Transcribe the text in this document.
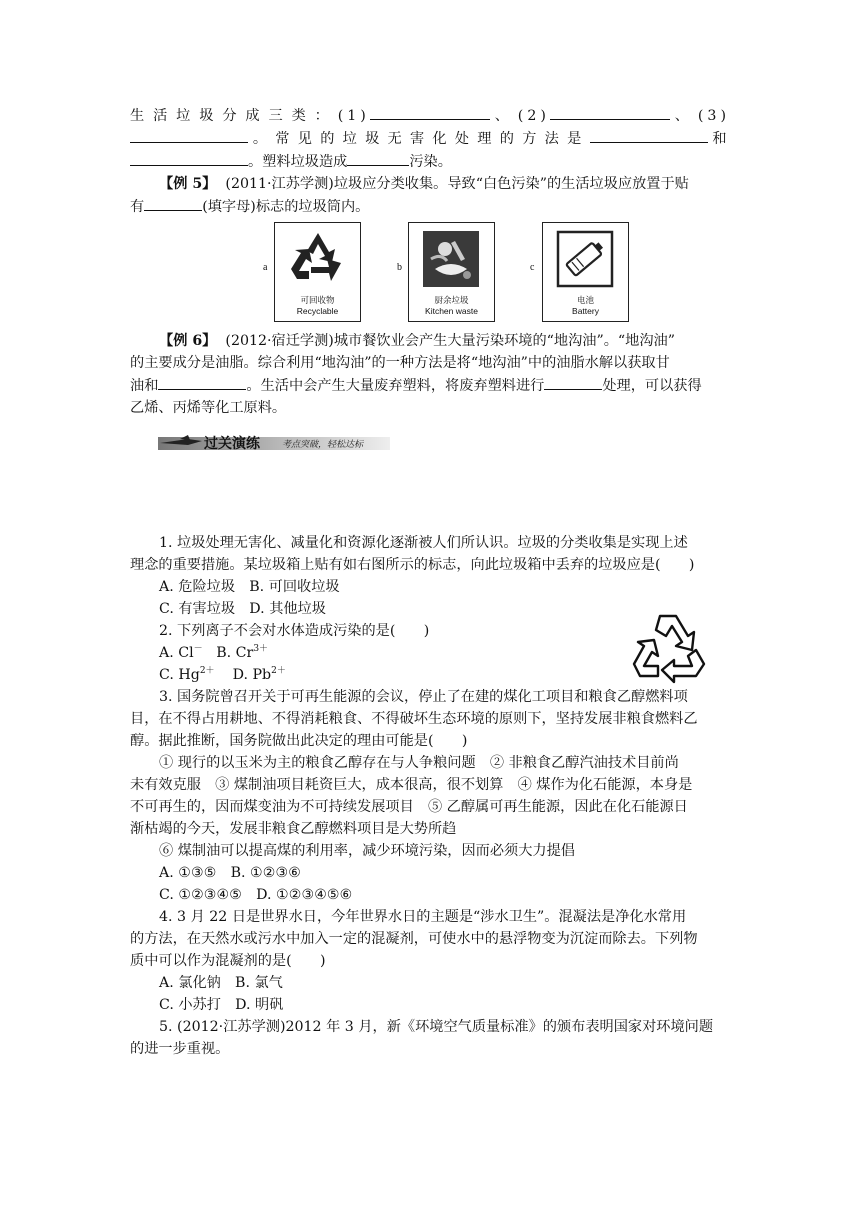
生活垃圾分成三类：(1)	、(2)	、(3)

。常见的垃圾无害化处理的方法是	和

。塑料垃圾造成	污染。

【例 5】 (2011·江苏学测)垃圾应分类收集。导致“白色污染”的生活垃圾应放置于贴

有	(填字母)标志的垃圾筒内。

a
可回收物
Recyclable
b
厨余垃圾
Kitchen waste
c
电池
Battery

【例 6】 (2012·宿迁学测)城市餐饮业会产生大量污染环境的“地沟油”。“地沟油”

的主要成分是油脂。综合利用“地沟油”的一种方法是将“地沟油”中的油脂水解以获取甘

油和	。生活中会产生大量废弃塑料，将废弃塑料进行	处理，可以获得

乙烯、丙烯等化工原料。

过关演练 考点突破，轻松达标

1. 垃圾处理无害化、减量化和资源化逐渐被人们所认识。垃圾的分类收集是实现上述

理念的重要措施。某垃圾箱上贴有如右图所示的标志，向此垃圾箱中丢弃的垃圾应是(　　)

A. 危险垃圾　B. 可回收垃圾

C. 有害垃圾　D. 其他垃圾

2. 下列离子不会对水体造成污染的是(　　)

A. Cl－ B. $Cr^{3+}$

C. $Hg^{2+}$ D. $Pb^{2+}$

3. 国务院曾召开关于可再生能源的会议，停止了在建的煤化工项目和粮食乙醇燃料项

目，在不得占用耕地、不得消耗粮食、不得破坏生态环境的原则下，坚持发展非粮食燃料乙

醇。据此推断，国务院做出此决定的理由可能是(　　)

① 现行的以玉米为主的粮食乙醇存在与人争粮问题　② 非粮食乙醇汽油技术目前尚

未有效克服　③ 煤制油项目耗资巨大，成本很高，很不划算　④ 煤作为化石能源，本身是

不可再生的，因而煤变油为不可持续发展项目　⑤ 乙醇属可再生能源，因此在化石能源日

渐枯竭的今天，发展非粮食乙醇燃料项目是大势所趋

⑥ 煤制油可以提高煤的利用率，减少环境污染，因而必须大力提倡

A. ①③⑤　B. ①②③⑥

C. ①②③④⑤　D. ①②③④⑤⑥

4. 3 月 22 日是世界水日，今年世界水日的主题是“涉水卫生”。混凝法是净化水常用

的方法，在天然水或污水中加入一定的混凝剂，可使水中的悬浮物变为沉淀而除去。下列物

质中可以作为混凝剂的是(　　)

A. 氯化钠　B. 氯气

C. 小苏打　D. 明矾

5. (2012·江苏学测)2012 年 3 月，新《环境空气质量标准》的颁布表明国家对环境问题

的进一步重视。
